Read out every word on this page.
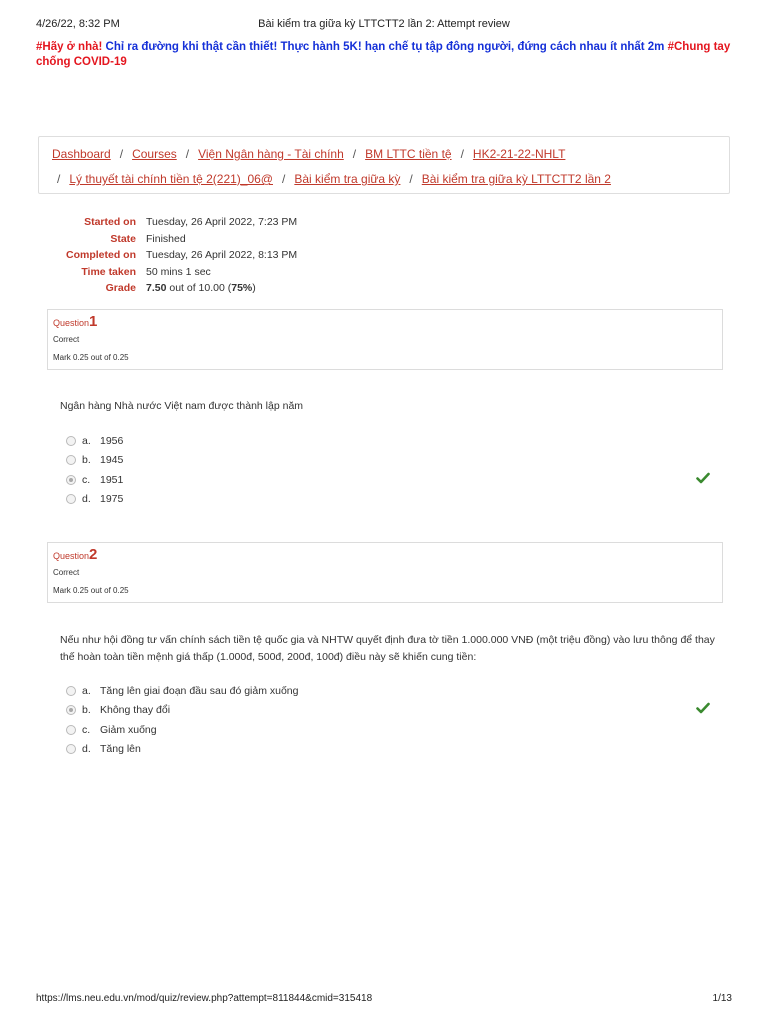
4/26/22, 8:32 PM	Bài kiểm tra giữa kỳ LTTCTT2 lần 2: Attempt review
#Hãy ở nhà! Chỉ ra đường khi thật cần thiết! Thực hành 5K! hạn chế tụ tập đông người, đứng cách nhau ít nhất 2m #Chung tay chống COVID-19
Dashboard / Courses / Viện Ngân hàng - Tài chính / BM LTTC tiền tệ / HK2-21-22-NHLT
/ Lý thuyết tài chính tiền tệ 2(221)_06@ / Bài kiểm tra giữa kỳ / Bài kiểm tra giữa kỳ LTTCTT2 lần 2
Started on Tuesday, 26 April 2022, 7:23 PM
State Finished
Completed on Tuesday, 26 April 2022, 8:13 PM
Time taken 50 mins 1 sec
Grade 7.50 out of 10.00 (75%)
Question1
Correct
Mark 0.25 out of 0.25
Ngân hàng Nhà nước Việt nam được thành lập năm
a. 1956
b. 1945
c. 1951
d. 1975
Question2
Correct
Mark 0.25 out of 0.25
Nếu như hội đồng tư vấn chính sách tiền tệ quốc gia và NHTW quyết định đưa tờ tiền 1.000.000 VNĐ (một triệu đồng) vào lưu thông để thay thế hoàn toàn tiền mệnh giá thấp (1.000đ, 500đ, 200đ, 100đ) điều này sẽ khiến cung tiền:
a. Tăng lên giai đoạn đầu sau đó giảm xuống
b. Không thay đổi
c. Giảm xuống
d. Tăng lên
https://lms.neu.edu.vn/mod/quiz/review.php?attempt=811844&cmid=315418	1/13
